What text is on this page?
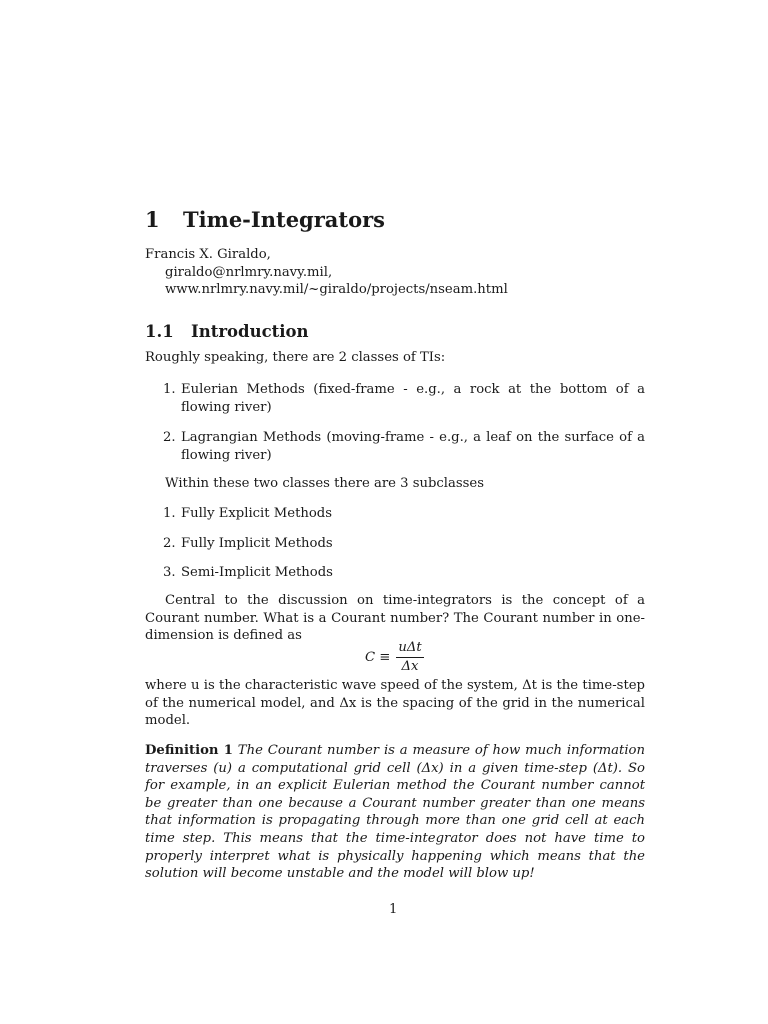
1 Time-Integrators
Francis X. Giraldo,
giraldo@nrlmry.navy.mil,
www.nrlmry.navy.mil/~giraldo/projects/nseam.html
1.1 Introduction
Roughly speaking, there are 2 classes of TIs:
1. Eulerian Methods (fixed-frame - e.g., a rock at the bottom of a flowing river)
2. Lagrangian Methods (moving-frame - e.g., a leaf on the surface of a flowing river)
Within these two classes there are 3 subclasses
1. Fully Explicit Methods
2. Fully Implicit Methods
3. Semi-Implicit Methods
Central to the discussion on time-integrators is the concept of a Courant number. What is a Courant number? The Courant number in one-dimension is defined as
$C \equiv \frac{\text{uΔt}}{\Delta x}$
where u is the characteristic wave speed of the system, Δt is the time-step of the numerical model, and Δx is the spacing of the grid in the numerical model.
Definition 1 The Courant number is a measure of how much information traverses (u) a computational grid cell (Δx) in a given time-step (Δt). So for example, in an explicit Eulerian method the Courant number cannot be greater than one because a Courant number greater than one means that information is propagating through more than one grid cell at each time step. This means that the time-integrator does not have time to properly interpret what is physically happening which means that the solution will become unstable and the model will blow up!
1
